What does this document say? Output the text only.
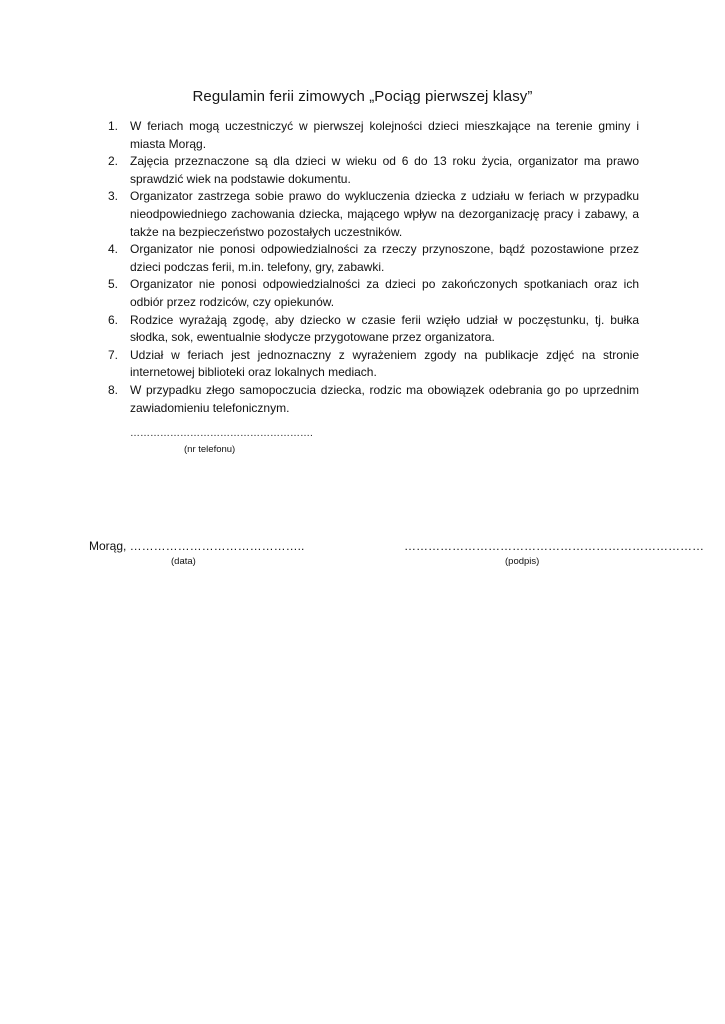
Regulamin ferii zimowych „Pociąg pierwszej klasy”
1. W feriach mogą uczestniczyć w pierwszej kolejności dzieci mieszkające na terenie gminy i miasta Morąg.
2. Zajęcia przeznaczone są dla dzieci w wieku od 6 do 13 roku życia, organizator ma prawo sprawdzić wiek na podstawie dokumentu.
3. Organizator zastrzega sobie prawo do wykluczenia dziecka z udziału w feriach w przypadku nieodpowiedniego zachowania dziecka, mającego wpływ na dezorganizację pracy i zabawy, a także na bezpieczeństwo pozostałych uczestników.
4. Organizator nie ponosi odpowiedzialności za rzeczy przynoszone, bądź pozostawione przez dzieci podczas ferii, m.in. telefony, gry, zabawki.
5. Organizator nie ponosi odpowiedzialności za dzieci po zakończonych spotkaniach oraz ich odbiór przez rodziców, czy opiekunów.
6. Rodzice wyrażają zgodę, aby dziecko w czasie ferii wzięło udział w poczęstunku, tj. bułka słodka, sok, ewentualnie słodycze przygotowane przez organizatora.
7. Udział w feriach jest jednoznaczny z wyrażeniem zgody na publikacje zdjęć na stronie internetowej biblioteki oraz lokalnych mediach.
8. W przypadku złego samopoczucia dziecka, rodzic ma obowiązek odebrania go po uprzednim zawiadomieniu telefonicznym.
……………………………………………….
(nr telefonu)
Morąg, ……………………………………..
(data)
…………………………………………………………………
(podpis)
